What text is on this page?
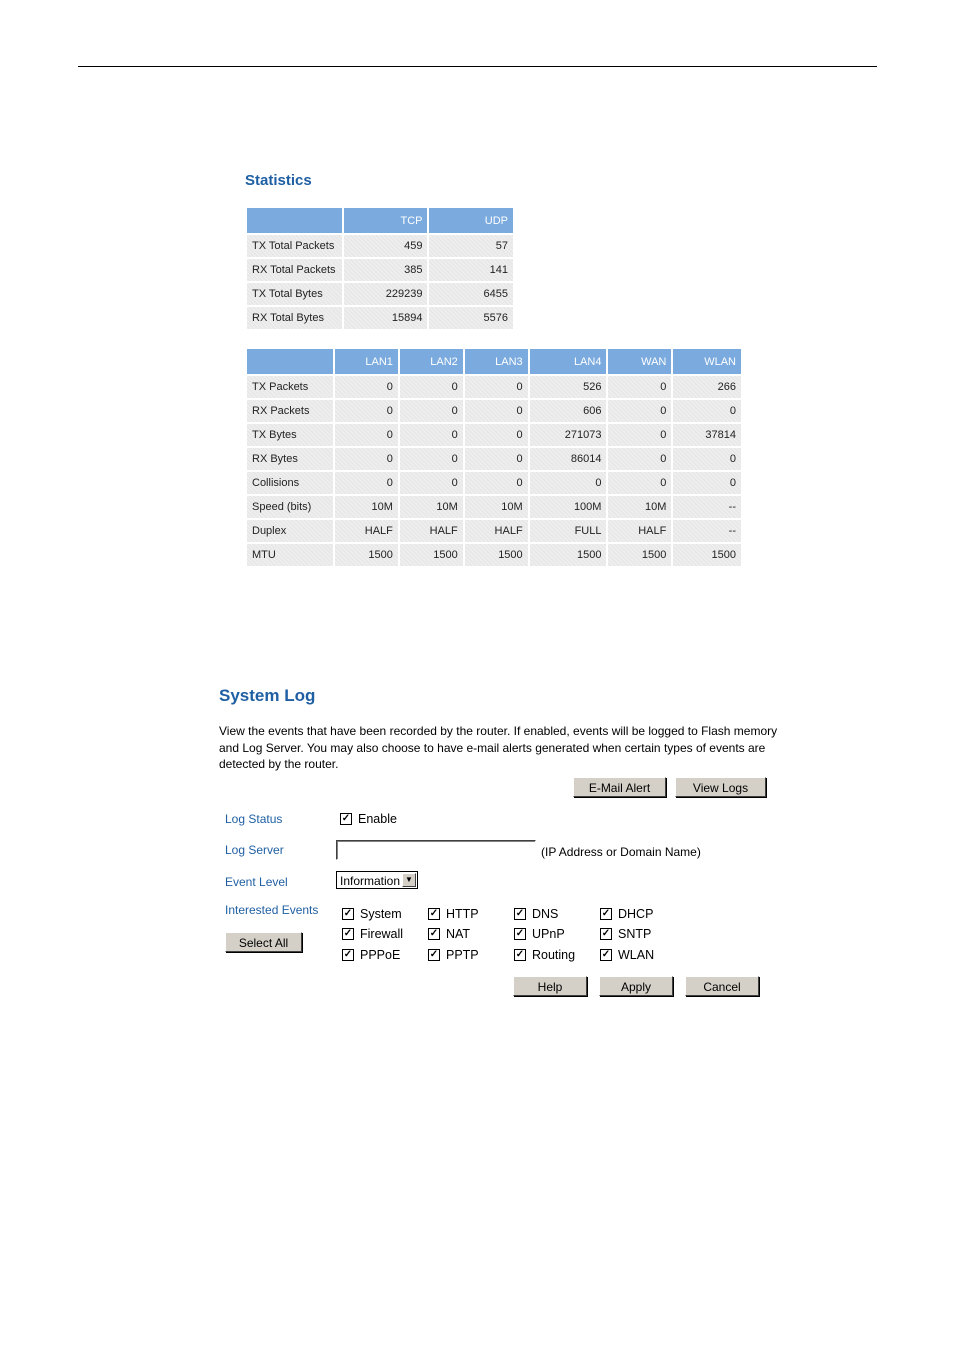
Statistics
	TCP	UDP
TX Total Packets	459	57
RX Total Packets	385	141
TX Total Bytes	229239	6455
RX Total Bytes	15894	5576
	LAN1	LAN2	LAN3	LAN4	WAN	WLAN
TX Packets	0	0	0	526	0	266
RX Packets	0	0	0	606	0	0
TX Bytes	0	0	0	271073	0	37814
RX Bytes	0	0	0	86014	0	0
Collisions	0	0	0	0	0	0
Speed (bits)	10M	10M	10M	100M	10M	--
Duplex	HALF	HALF	HALF	FULL	HALF	--
MTU	1500	1500	1500	1500	1500	1500
System Log
View the events that have been recorded by the router. If enabled, events will be logged to Flash memory and Log Server. You may also choose to have e-mail alerts generated when certain types of events are detected by the router.
E-Mail Alert	View Logs
Log Status	✓ Enable
Log Server	(IP Address or Domain Name)
Event Level	Information ▼
Interested Events
Select All
✓ System	✓ HTTP	✓ DNS	✓ DHCP
✓ Firewall	✓ NAT	✓ UPnP	✓ SNTP
✓ PPPoE	✓ PPTP	✓ Routing	✓ WLAN
Help	Apply	Cancel
